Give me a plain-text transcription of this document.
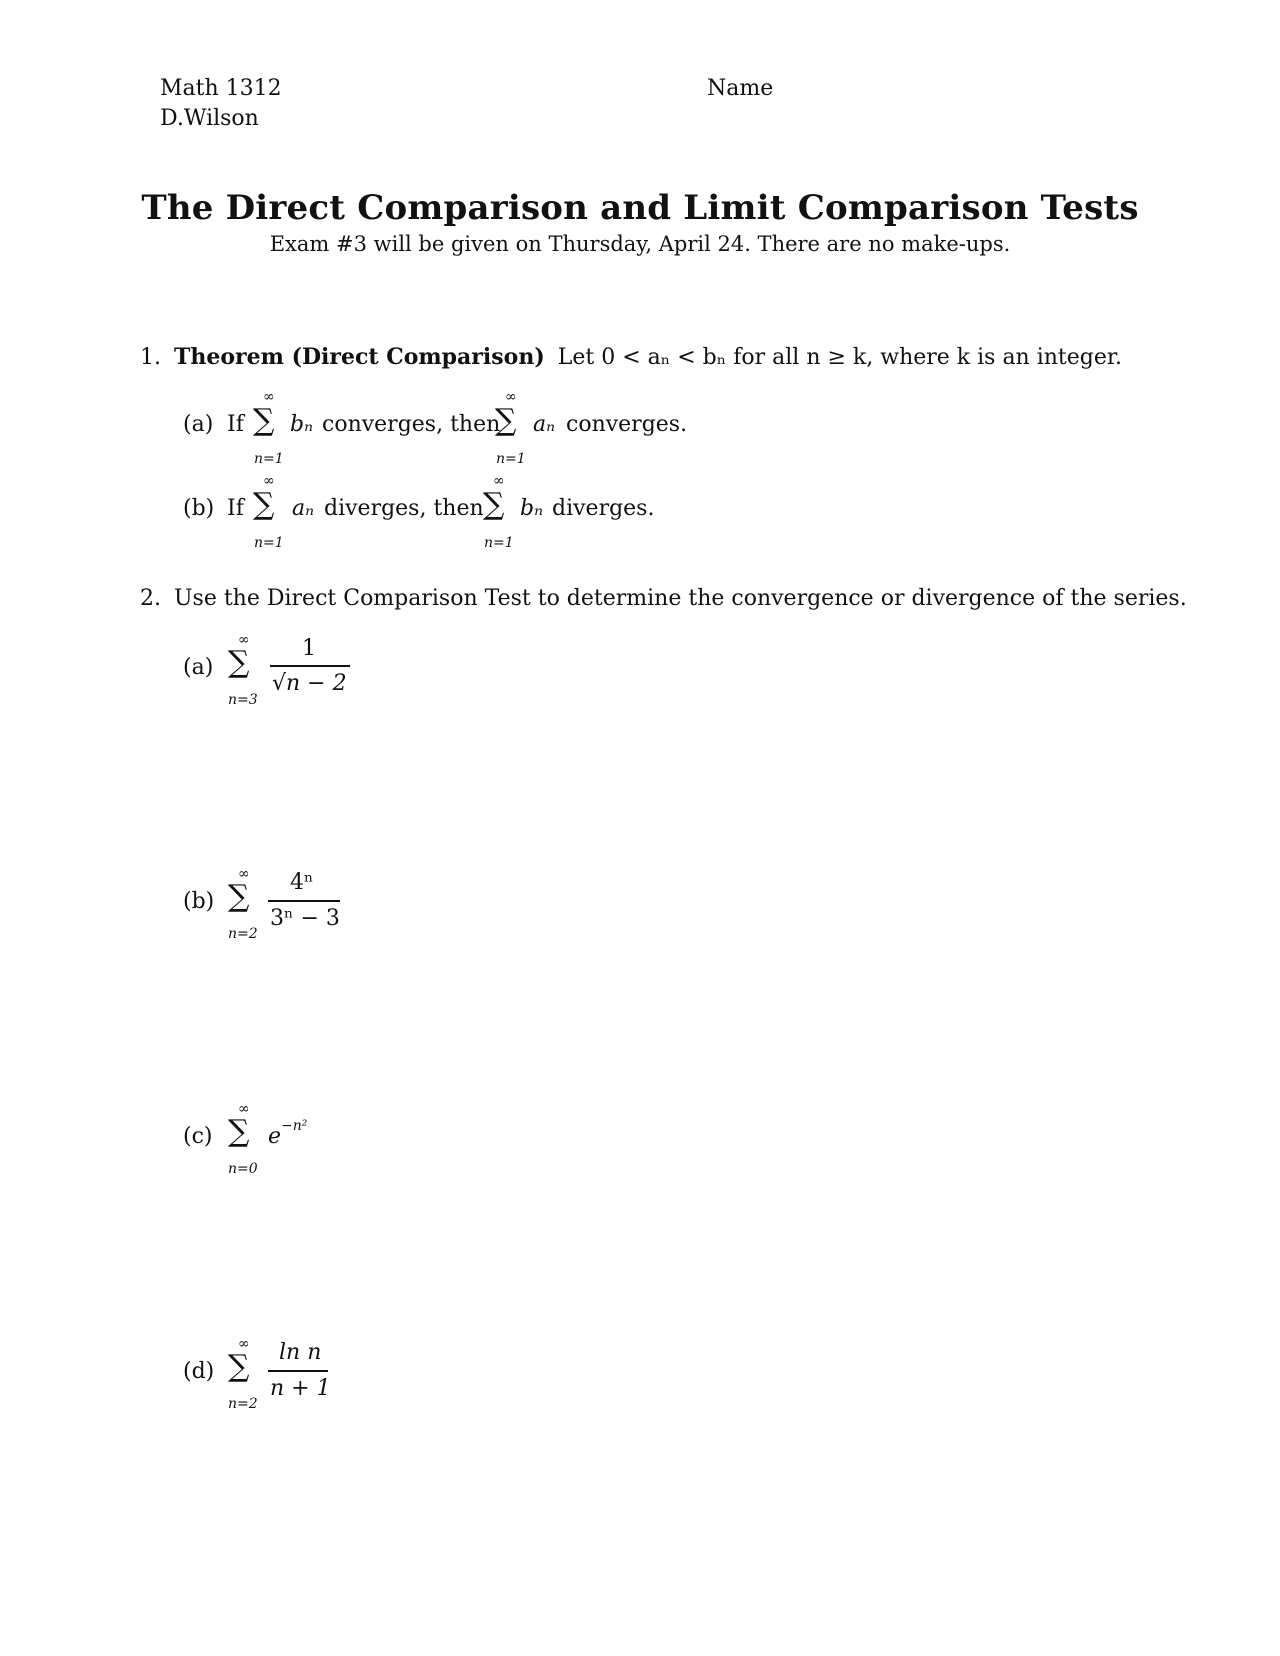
Math 1312
D.Wilson
Name
The Direct Comparison and Limit Comparison Tests
Exam #3 will be given on Thursday, April 24. There are no make-ups.
1. Theorem (Direct Comparison) Let 0 < aₙ < bₙ for all n ≥ k, where k is an integer.
(a) If
∞
∑
n=1
bₙ converges, then
∞
∑
n=1
aₙ converges.
(b) If
∞
∑
n=1
aₙ diverges, then
∞
∑
n=1
bₙ diverges.
2. Use the Direct Comparison Test to determine the convergence or divergence of the series.
(a)
∞
∑
n=3
1
√n − 2
(b)
∞
∑
n=2
4ⁿ
3ⁿ − 3
(c)
∞
∑
n=0
e −n²
(d)
∞
∑
n=2
ln n
n + 1
